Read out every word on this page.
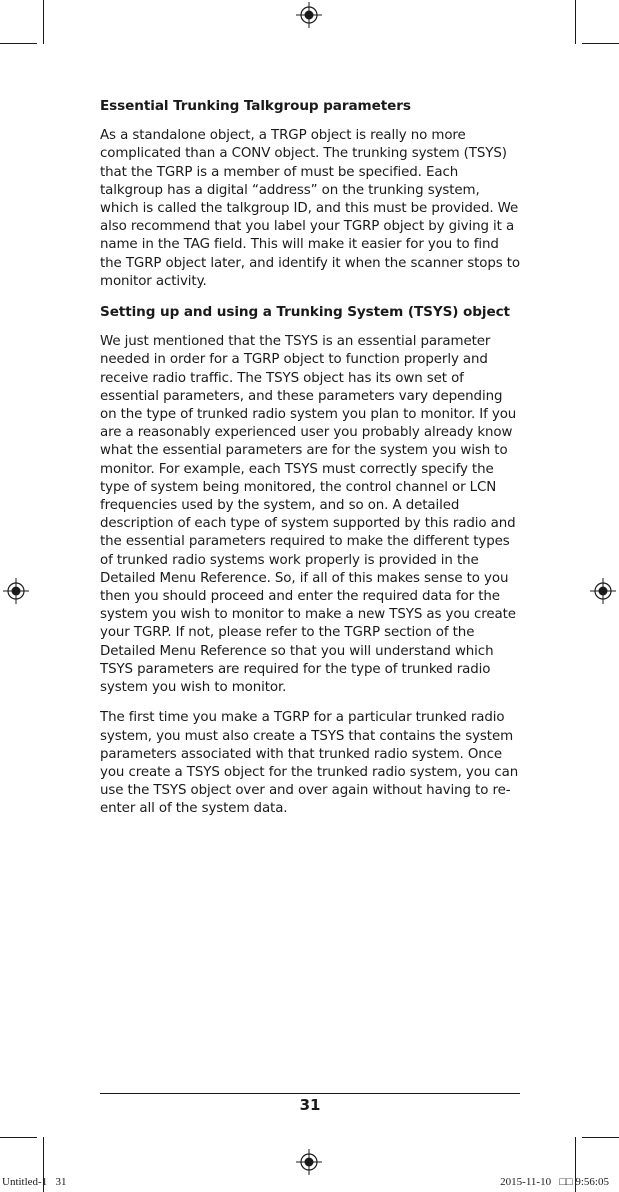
Essential Trunking Talkgroup parameters

As a standalone object, a TRGP object is really no more complicated than a CONV object. The trunking system (TSYS) that the TGRP is a member of must be specified. Each talkgroup has a digital “address” on the trunking system, which is called the talkgroup ID, and this must be provided. We also recommend that you label your TGRP object by giving it a name in the TAG field. This will make it easier for you to find the TGRP object later, and identify it when the scanner stops to monitor activity.

Setting up and using a Trunking System (TSYS) object

We just mentioned that the TSYS is an essential parameter needed in order for a TGRP object to function properly and receive radio traffic. The TSYS object has its own set of essential parameters, and these parameters vary depending on the type of trunked radio system you plan to monitor. If you are a reasonably experienced user you probably already know what the essential parameters are for the system you wish to monitor. For example, each TSYS must correctly specify the type of system being monitored, the control channel or LCN frequencies used by the system, and so on. A detailed description of each type of system supported by this radio and the essential parameters required to make the different types of trunked radio systems work properly is provided in the Detailed Menu Reference. So, if all of this makes sense to you then you should proceed and enter the required data for the system you wish to monitor to make a new TSYS as you create your TGRP. If not, please refer to the TGRP section of the Detailed Menu Reference so that you will understand which TSYS parameters are required for the type of trunked radio system you wish to monitor.

The first time you make a TGRP for a particular trunked radio system, you must also create a TSYS that contains the system parameters associated with that trunked radio system. Once you create a TSYS object for the trunked radio system, you can use the TSYS object over and over again without having to re-enter all of the system data.

31
Untitled-1   31	2015-11-10   □□ 9:56:05
